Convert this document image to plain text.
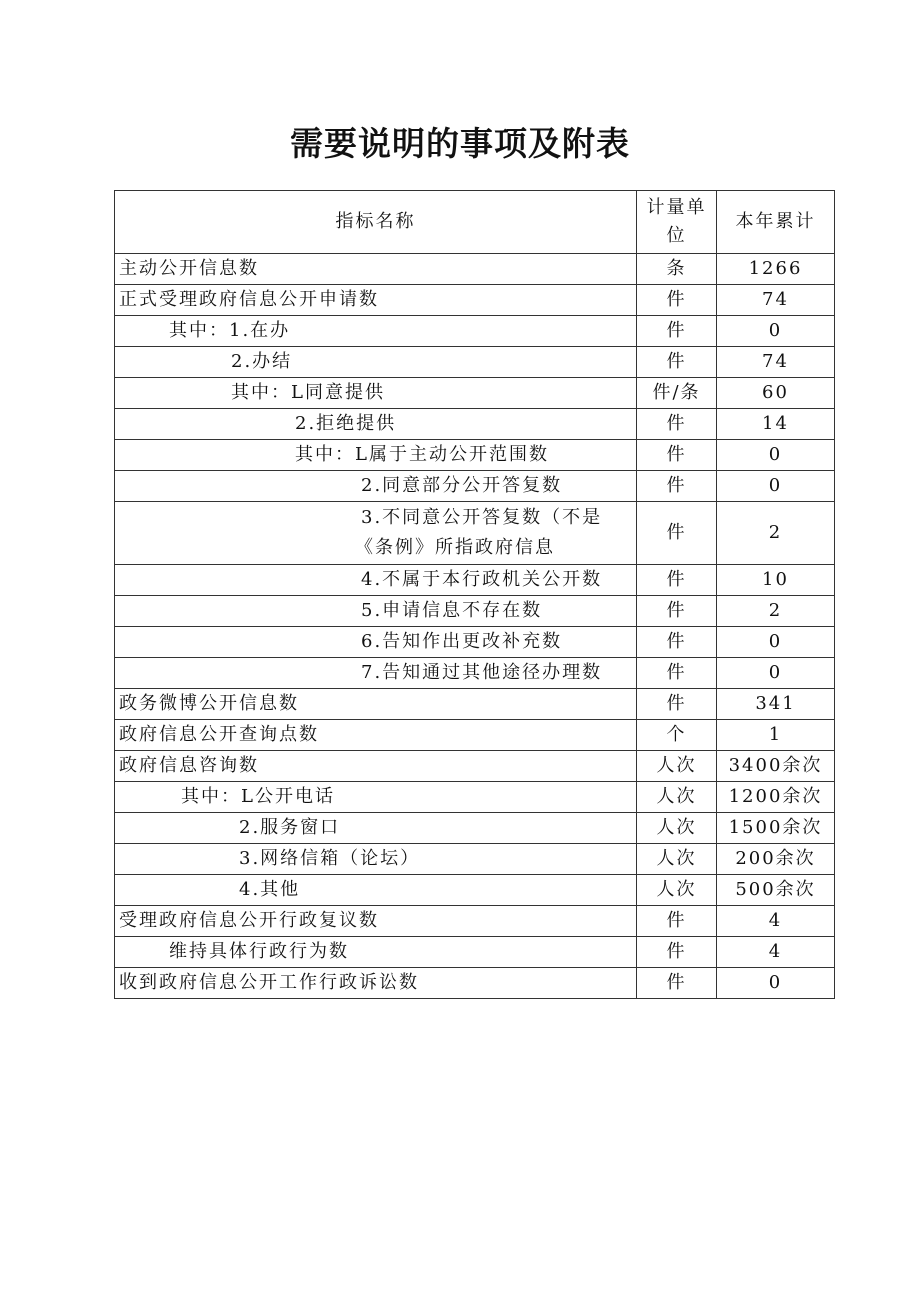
需要说明的事项及附表
指标名称	计量单位	本年累计
主动公开信息数	条	1266
正式受理政府信息公开申请数	件	74
其中：1.在办	件	0
2.办结	件	74
其中：L同意提供	件/条	60
2.拒绝提供	件	14
其中：L属于主动公开范围数	件	0
2.同意部分公开答复数	件	0

3.不同意公开答复数（不是
《条例》所指政府信息	件	2
4.不属于本行政机关公开数	件	10
5.申请信息不存在数	件	2
6.告知作出更改补充数	件	0
7.告知通过其他途径办理数	件	0
政务微博公开信息数	件	341
政府信息公开查询点数	个	1
政府信息咨询数	人次	3400余次
其中：L公开电话	人次	1200余次
2.服务窗口	人次	1500余次
3.网络信箱（论坛）	人次	200余次
4.其他	人次	500余次
受理政府信息公开行政复议数	件	4
维持具体行政行为数	件	4
收到政府信息公开工作行政诉讼数	件	0
